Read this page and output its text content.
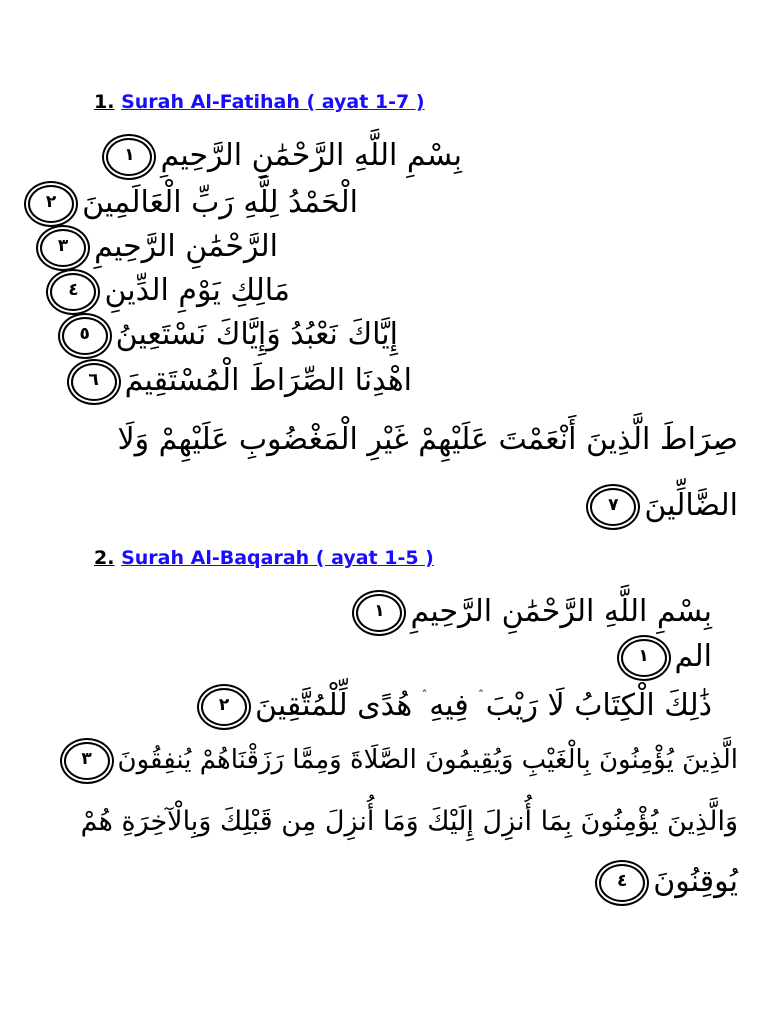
1. Surah Al-Fatihah ( ayat 1-7 )
بِسْمِ اللَّهِ الرَّحْمَٰنِ الرَّحِيمِ١
الْحَمْدُ لِلَّهِ رَبِّ الْعَالَمِينَ٢
الرَّحْمَٰنِ الرَّحِيمِ٣
مَالِكِ يَوْمِ الدِّينِ٤
إِيَّاكَ نَعْبُدُ وَإِيَّاكَ نَسْتَعِينُ٥
اهْدِنَا الصِّرَاطَ الْمُسْتَقِيمَ٦
صِرَاطَ الَّذِينَ أَنْعَمْتَ عَلَيْهِمْ غَيْرِ الْمَغْضُوبِ عَلَيْهِمْ وَلَا
الضَّالِّينَ٧
2. Surah Al-Baqarah ( ayat 1-5 )
بِسْمِ اللَّهِ الرَّحْمَٰنِ الرَّحِيمِ١
الم١
ذَٰلِكَ الْكِتَابُ لَا رَيْبَ ۛ فِيهِ ۛ هُدًى لِّلْمُتَّقِينَ٢
الَّذِينَ يُؤْمِنُونَ بِالْغَيْبِ وَيُقِيمُونَ الصَّلَاةَ وَمِمَّا رَزَقْنَاهُمْ يُنفِقُونَ٣
وَالَّذِينَ يُؤْمِنُونَ بِمَا أُنزِلَ إِلَيْكَ وَمَا أُنزِلَ مِن قَبْلِكَ وَبِالْآخِرَةِ هُمْ
يُوقِنُونَ٤
